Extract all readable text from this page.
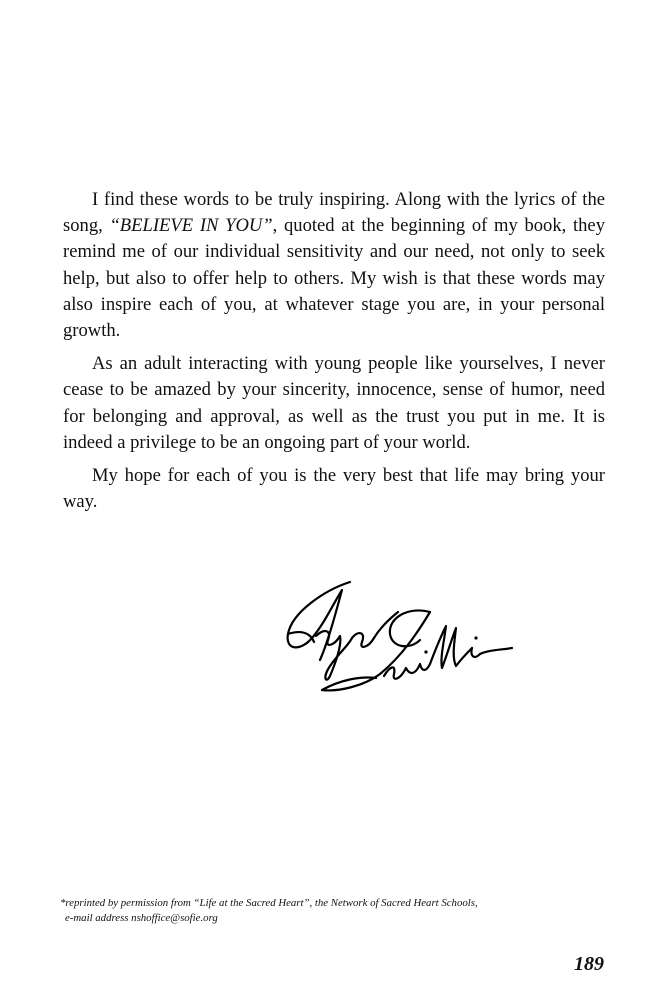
I find these words to be truly inspiring. Along with the lyrics of the song, “BELIEVE IN YOU”, quoted at the beginning of my book, they remind me of our individual sensitivity and our need, not only to seek help, but also to offer help to others. My wish is that these words may also inspire each of you, at whatever stage you are, in your personal growth.

As an adult interacting with young people like yourselves, I never cease to be amazed by your sincerity, innocence, sense of humor, need for belonging and approval, as well as the trust you put in me. It is indeed a privilege to be an ongoing part of your world.

My hope for each of you is the very best that life may bring your way.

*reprinted by permission from “Life at the Sacred Heart”, the Network of Sacred Heart Schools,
e-mail address nshoffice@sofie.org
189
